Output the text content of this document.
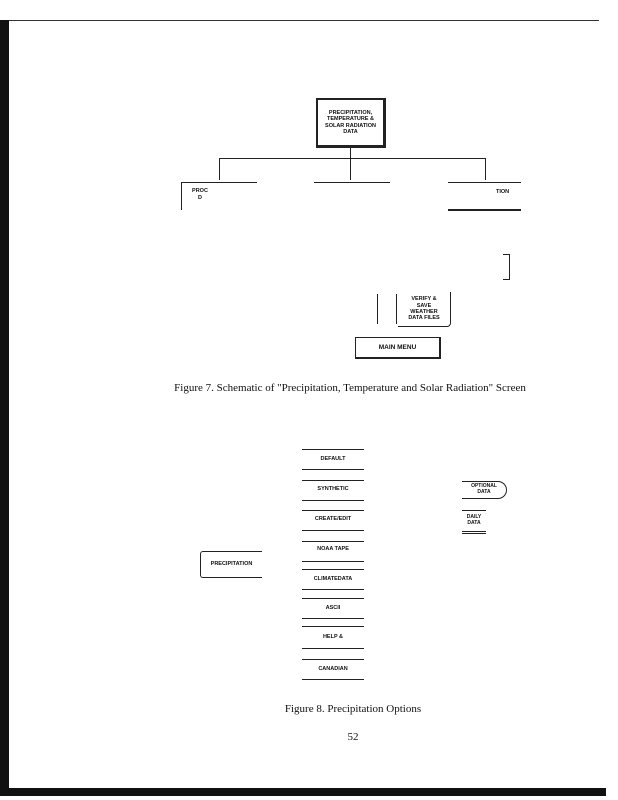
PRECIPITATION,
TEMPERATURE &
SOLAR RADIATION
DATA
PROC
D
TION
VERIFY &
SAVE
WEATHER
DATA FILES
MAIN MENU
Figure 7. Schematic of "Precipitation, Temperature and Solar Radiation" Screen
PRECIPITATION
DEFAULT
SYNTHETIC
CREATE/EDIT
NOAA TAPE
CLIMATEDATA
ASCII
HELP &
CANADIAN
OPTIONAL
DATA
DAILY
DATA
Figure 8. Precipitation Options
52
